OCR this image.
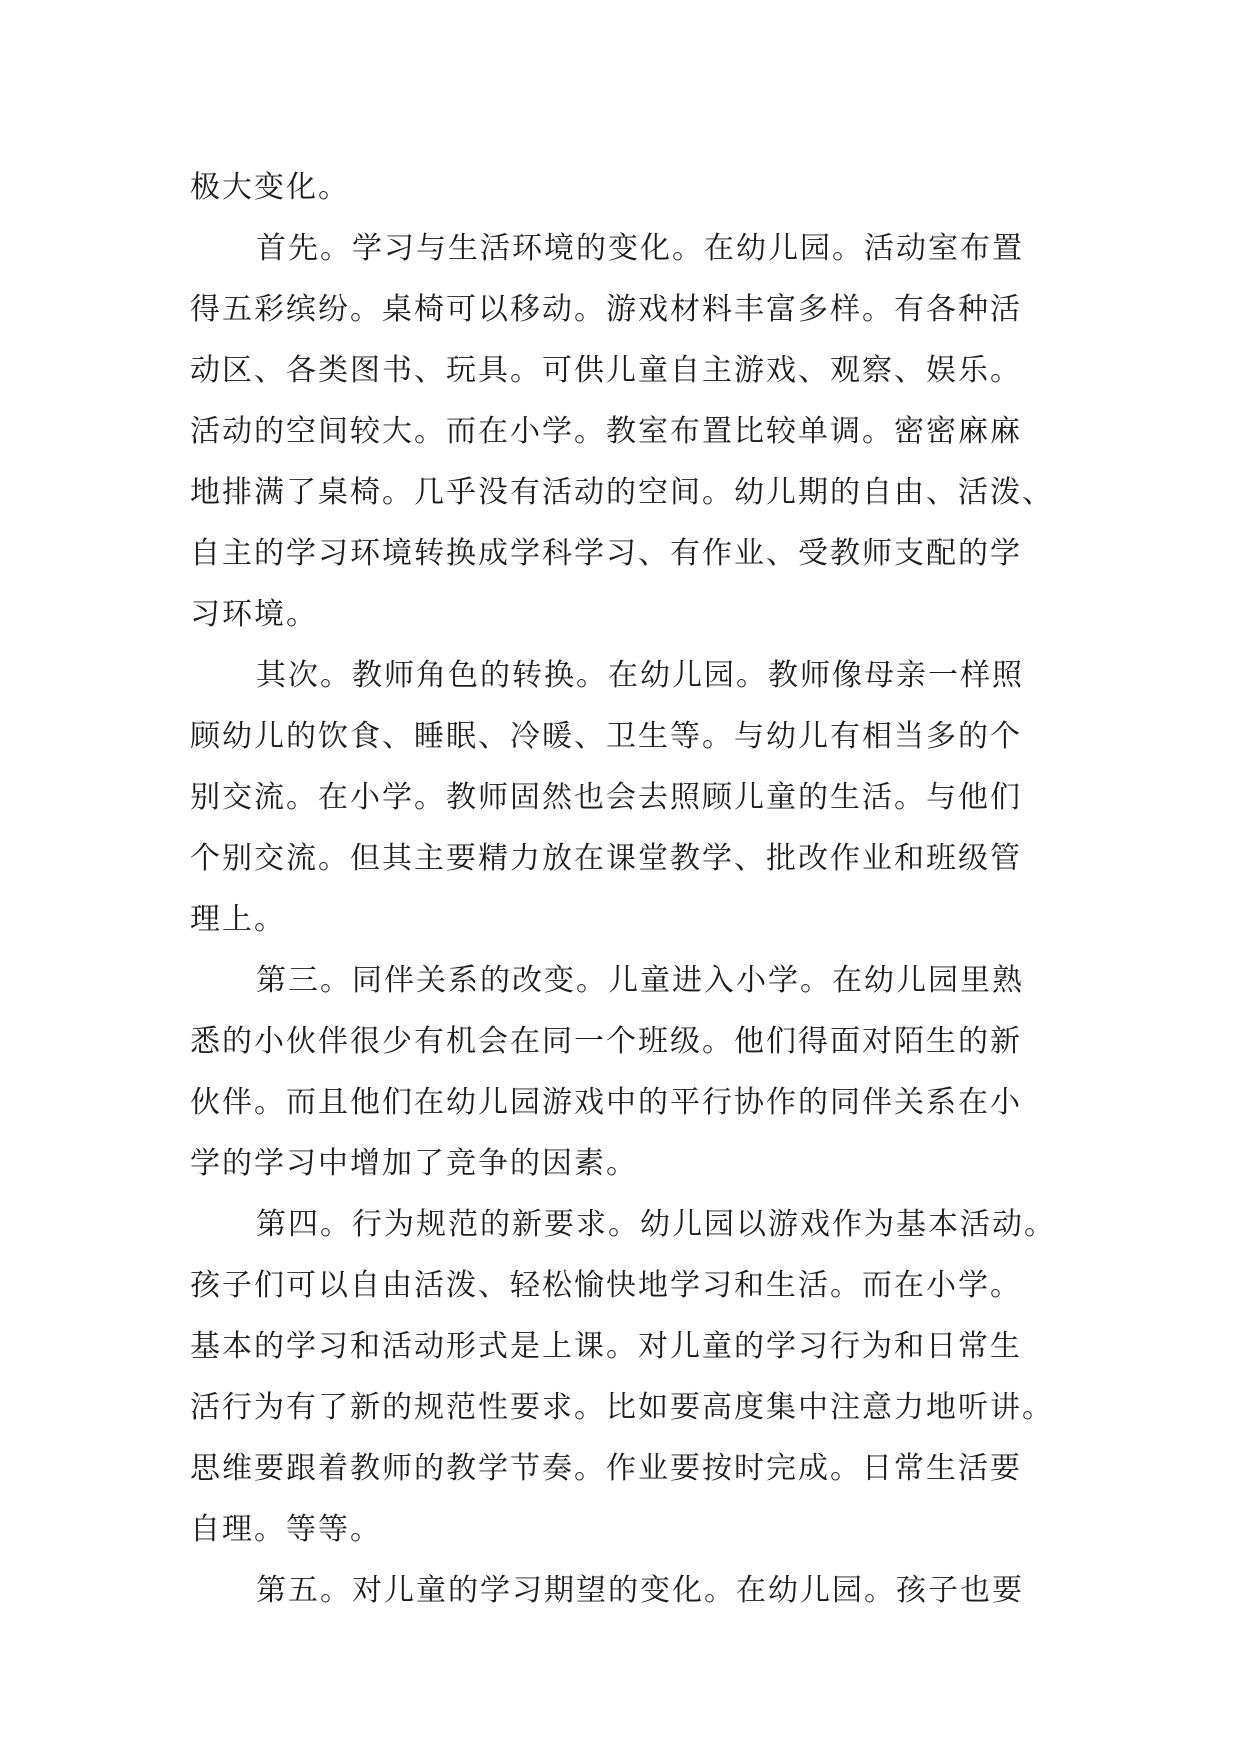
极大变化。

首先。学习与生活环境的变化。在幼儿园。活动室布置
得五彩缤纷。桌椅可以移动。游戏材料丰富多样。有各种活
动区、各类图书、玩具。可供儿童自主游戏、观察、娱乐。
活动的空间较大。而在小学。教室布置比较单调。密密麻麻
地排满了桌椅。几乎没有活动的空间。幼儿期的自由、活泼、
自主的学习环境转换成学科学习、有作业、受教师支配的学
习环境。

其次。教师角色的转换。在幼儿园。教师像母亲一样照
顾幼儿的饮食、睡眠、冷暖、卫生等。与幼儿有相当多的个
别交流。在小学。教师固然也会去照顾儿童的生活。与他们
个别交流。但其主要精力放在课堂教学、批改作业和班级管
理上。

第三。同伴关系的改变。儿童进入小学。在幼儿园里熟
悉的小伙伴很少有机会在同一个班级。他们得面对陌生的新
伙伴。而且他们在幼儿园游戏中的平行协作的同伴关系在小
学的学习中增加了竞争的因素。

第四。行为规范的新要求。幼儿园以游戏作为基本活动。
孩子们可以自由活泼、轻松愉快地学习和生活。而在小学。
基本的学习和活动形式是上课。对儿童的学习行为和日常生
活行为有了新的规范性要求。比如要高度集中注意力地听讲。
思维要跟着教师的教学节奏。作业要按时完成。日常生活要
自理。等等。

第五。对儿童的学习期望的变化。在幼儿园。孩子也要
